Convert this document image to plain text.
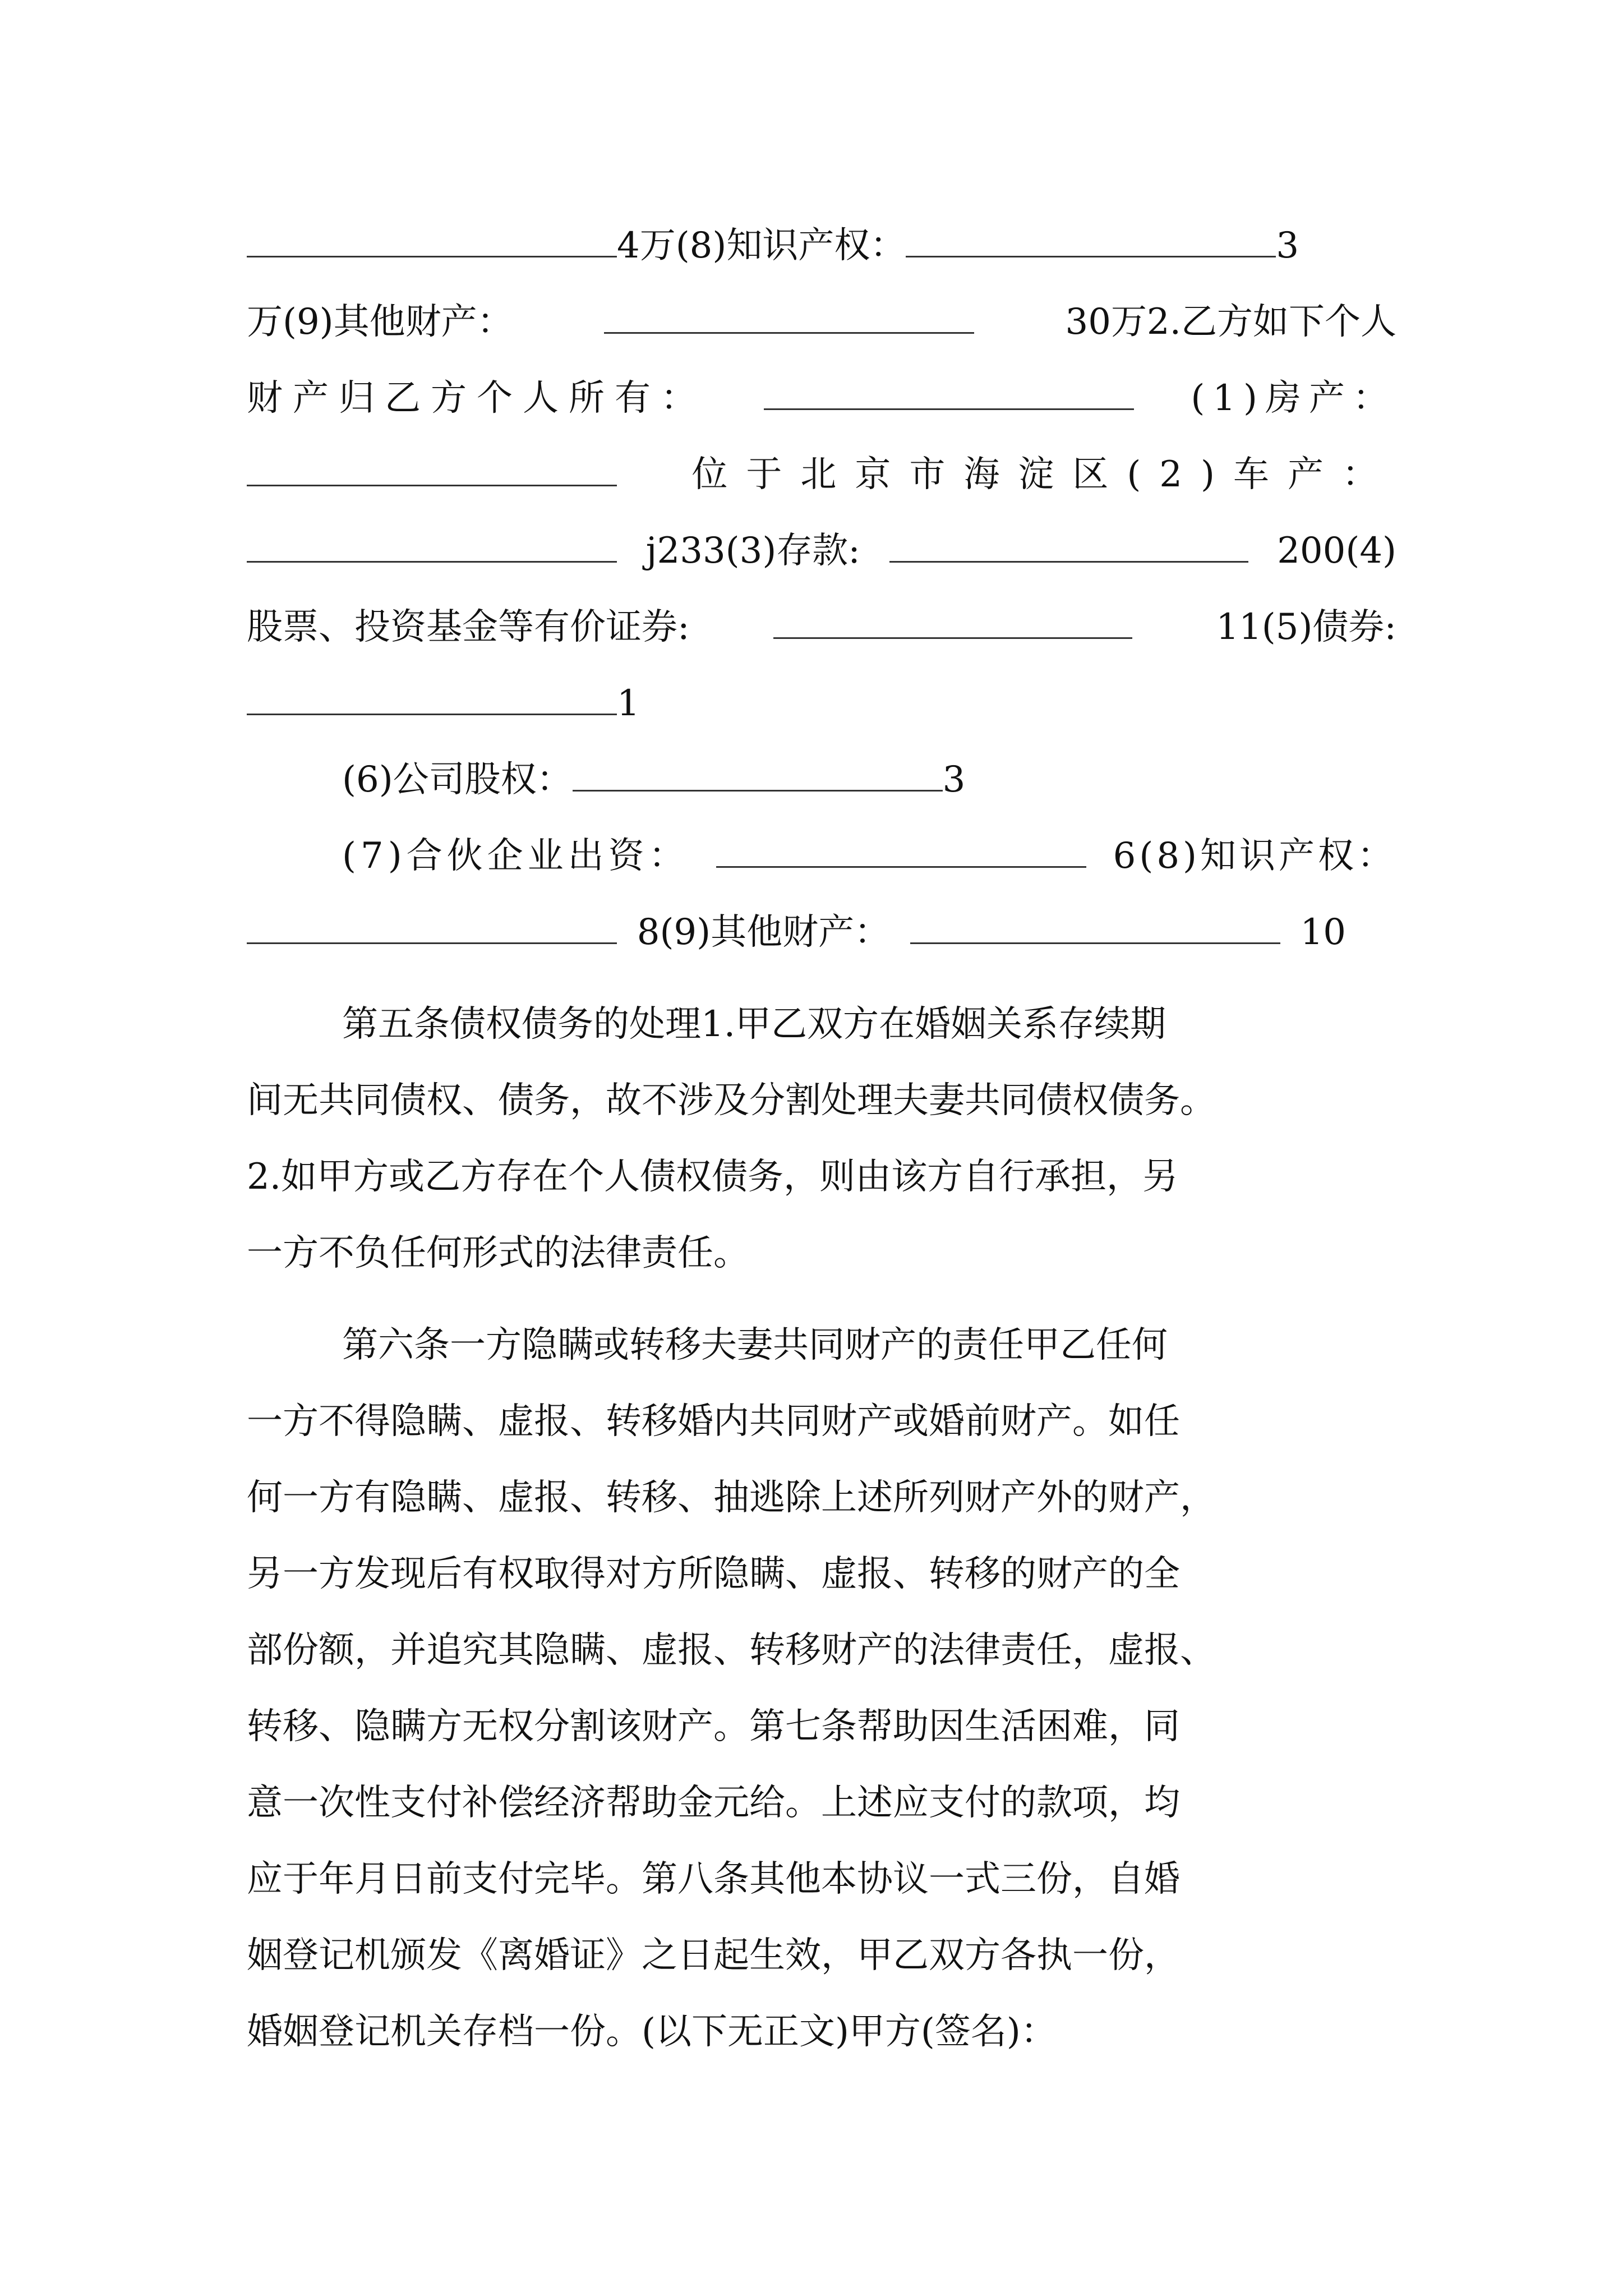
4万(8)知识产权：	3
万(9)其他财产：	30万2.乙方如下个人
财产归乙方个人所有：	(1)房产：
位于北京市海淀区(2)车产：
j233(3)存款:	200(4)
股票、投资基金等有价证券:	11(5)债券:
1
(6)公司股权：	3
(7)合伙企业出资：	6(8)知识产权：
8(9)其他财产：	10
第五条债权债务的处理1.甲乙双方在婚姻关系存续期
间无共同债权、债务，故不涉及分割处理夫妻共同债权债务。
2.如甲方或乙方存在个人债权债务，则由该方自行承担，另
一方不负任何形式的法律责任。
第六条一方隐瞒或转移夫妻共同财产的责任甲乙任何
一方不得隐瞒、虚报、转移婚内共同财产或婚前财产。如任
何一方有隐瞒、虚报、转移、抽逃除上述所列财产外的财产，
另一方发现后有权取得对方所隐瞒、虚报、转移的财产的全
部份额，并追究其隐瞒、虚报、转移财产的法律责任，虚报、
转移、隐瞒方无权分割该财产。第七条帮助因生活困难，同
意一次性支付补偿经济帮助金元给。上述应支付的款项，均
应于年月日前支付完毕。第八条其他本协议一式三份，自婚
姻登记机颁发《离婚证》之日起生效，甲乙双方各执一份，
婚姻登记机关存档一份。(以下无正文)甲方(签名)：
